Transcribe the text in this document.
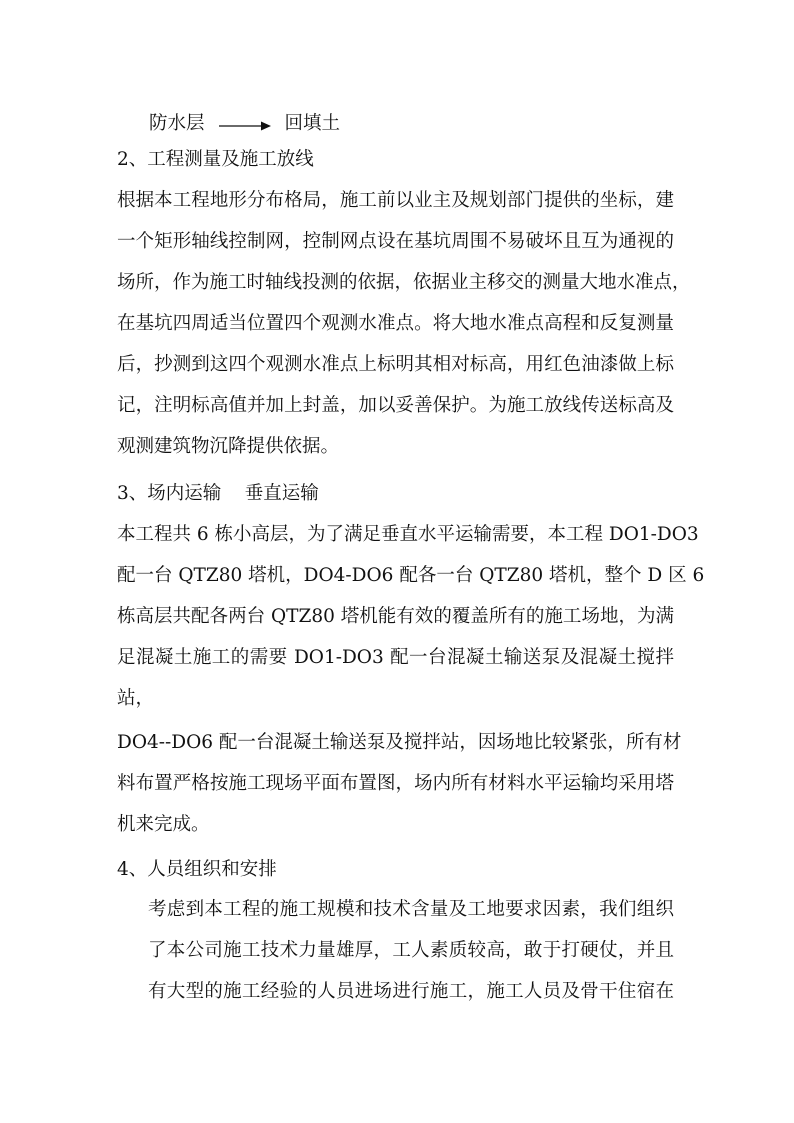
防水层	回填土
2、工程测量及施工放线
根据本工程地形分布格局，施工前以业主及规划部门提供的坐标，建
一个矩形轴线控制网，控制网点设在基坑周围不易破坏且互为通视的
场所，作为施工时轴线投测的依据，依据业主移交的测量大地水准点，
在基坑四周适当位置四个观测水准点。将大地水准点高程和反复测量
后，抄测到这四个观测水准点上标明其相对标高，用红色油漆做上标
记，注明标高值并加上封盖，加以妥善保护。为施工放线传送标高及
观测建筑物沉降提供依据。
3、场内运输    垂直运输
本工程共 6 栋小高层，为了满足垂直水平运输需要，本工程 DO1-DO3
配一台 QTZ80 塔机，DO4-DO6 配各一台 QTZ80 塔机，整个 D 区 6
栋高层共配各两台 QTZ80 塔机能有效的覆盖所有的施工场地，为满
足混凝土施工的需要 DO1-DO3 配一台混凝土输送泵及混凝土搅拌
站，
DO4--DO6 配一台混凝土输送泵及搅拌站，因场地比较紧张，所有材
料布置严格按施工现场平面布置图，场内所有材料水平运输均采用塔
机来完成。
4、人员组织和安排
考虑到本工程的施工规模和技术含量及工地要求因素，我们组织
了本公司施工技术力量雄厚，工人素质较高，敢于打硬仗，并且
有大型的施工经验的人员进场进行施工，施工人员及骨干住宿在
